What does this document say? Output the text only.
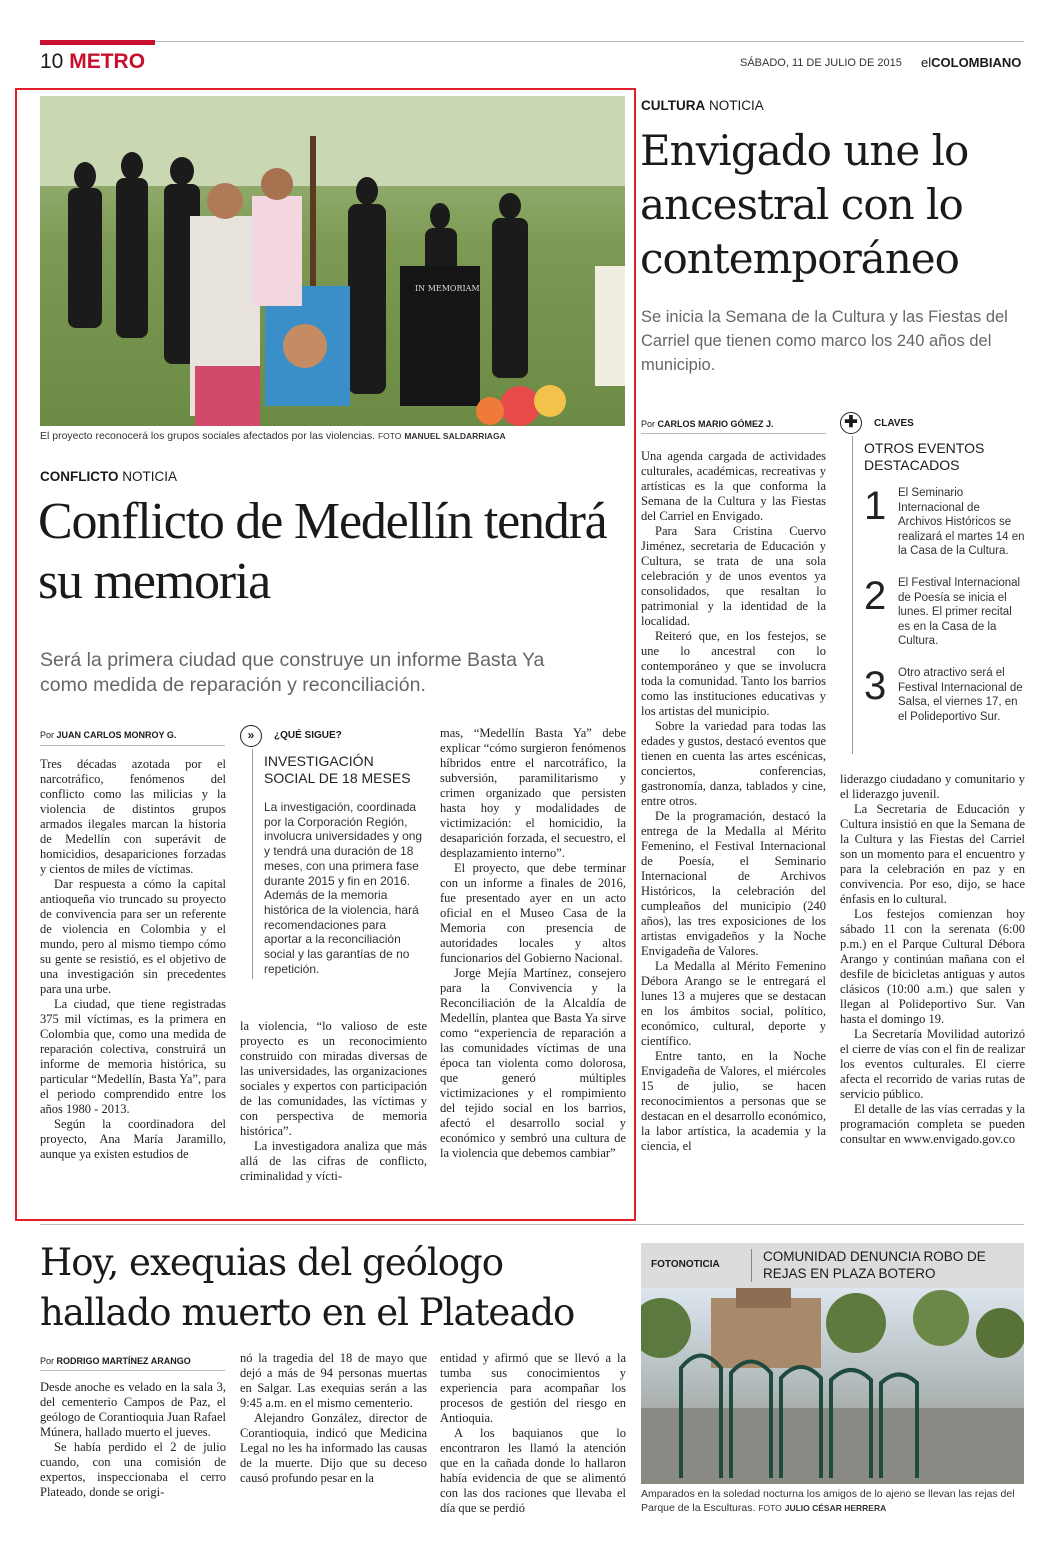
10 METRO	SÁBADO, 11 DE JULIO DE 2015 elCOLOMBIANO
IN MEMORIAM
El proyecto reconocerá los grupos sociales afectados por las violencias. FOTO MANUEL SALDARRIAGA
CONFLICTO NOTICIA
Conflicto de Medellín tendrá su memoria
Será la primera ciudad que construye un informe Basta Ya como medida de reparación y reconciliación.
Por JUAN CARLOS MONROY G.

Tres décadas azotada por el narcotráfico, fenómenos del conflicto como las milicias y la violencia de distintos grupos armados ilegales marcan la historia de Medellín con superávit de homicidios, desapariciones forzadas y cientos de miles de víctimas.

Dar respuesta a cómo la capital antioqueña vio truncado su proyecto de convivencia para ser un referente de violencia en Colombia y el mundo, pero al mismo tiempo cómo su gente se resistió, es el objetivo de una investigación sin precedentes para una urbe.

La ciudad, que tiene registradas 375 mil víctimas, es la primera en Colombia que, como una medida de reparación colectiva, construirá un informe de memoria histórica, su particular “Medellín, Basta Ya”, para el periodo comprendido entre los años 1980 - 2013.

Según la coordinadora del proyecto, Ana María Jaramillo, aunque ya existen estudios de

»	¿QUÉ SIGUE?
INVESTIGACIÓN SOCIAL DE 18 MESES
La investigación, coordinada por la Corporación Región, involucra universidades y ong y tendrá una duración de 18 meses, con una primera fase durante 2015 y fin en 2016. Además de la memoria histórica de la violencia, hará recomendaciones para aportar a la reconciliación social y las garantías de no repetición.

la violencia, “lo valioso de este proyecto es un reconocimiento construido con miradas diversas de las universidades, las organizaciones sociales y expertos con participación de las comunidades, las víctimas y con perspectiva de memoria histórica”.

La investigadora analiza que más allá de las cifras de conflicto, criminalidad y vícti-

mas, “Medellín Basta Ya” debe explicar “cómo surgieron fenómenos híbridos entre el narcotráfico, la subversión, paramilitarismo y crimen organizado que persisten hasta hoy y modalidades de victimización: el homicidio, la desaparición forzada, el secuestro, el desplazamiento interno”.

El proyecto, que debe terminar con un informe a finales de 2016, fue presentado ayer en un acto oficial en el Museo Casa de la Memoria con presencia de autoridades locales y altos funcionarios del Gobierno Nacional.

Jorge Mejía Martínez, consejero para la Convivencia y la Reconciliación de la Alcaldía de Medellín, plantea que Basta Ya sirve como “experiencia de reparación a las comunidades víctimas de una época tan violenta como dolorosa, que generó múltiples victimizaciones y el rompimiento del tejido social en los barrios, afectó el desarrollo social y económico y sembró una cultura de la violencia que debemos cambiar”

CULTURA NOTICIA
Envigado une lo ancestral con lo contemporáneo
Se inicia la Semana de la Cultura y las Fiestas del Carriel que tienen como marco los 240 años del municipio.
Por CARLOS MARIO GÓMEZ J.

Una agenda cargada de actividades culturales, académicas, recreativas y artísticas es la que conforma la Semana de la Cultura y las Fiestas del Carriel en Envigado.

Para Sara Cristina Cuervo Jiménez, secretaria de Educación y Cultura, se trata de una sola celebración y de unos eventos ya consolidados, que resaltan lo patrimonial y la identidad de la localidad.

Reiteró que, en los festejos, se une lo ancestral con lo contemporáneo y que se involucra toda la comunidad. Tanto los barrios como las instituciones educativas y los artistas del municipio.

Sobre la variedad para todas las edades y gustos, destacó eventos que tienen en cuenta las artes escénicas, conciertos, conferencias, gastronomía, danza, tablados y cine, entre otros.

De la programación, destacó la entrega de la Medalla al Mérito Femenino, el Festival Internacional de Poesía, el Seminario Internacional de Archivos Históricos, la celebración del cumpleaños del municipio (240 años), las tres exposiciones de los artistas envigadeños y la Noche Envigadeña de Valores.

La Medalla al Mérito Femenino Débora Arango se le entregará el lunes 13 a mujeres que se destacan en los ámbitos social, político, económico, cultural, deporte y científico.

Entre tanto, en la Noche Envigadeña de Valores, el miércoles 15 de julio, se hacen reconocimientos a personas que se destacan en el desarrollo económico, la labor artística, la academia y la ciencia, el

✚	CLAVES
OTROS EVENTOS DESTACADOS
1 El Seminario Internacional de Archivos Históricos se realizará el martes 14 en la Casa de la Cultura.
2 El Festival Internacional de Poesía se inicia el lunes. El primer recital es en la Casa de la Cultura.
3 Otro atractivo será el Festival Internacional de Salsa, el viernes 17, en el Polideportivo Sur.

liderazgo ciudadano y comunitario y el liderazgo juvenil.

La Secretaria de Educación y Cultura insistió en que la Semana de la Cultura y las Fiestas del Carriel son un momento para el encuentro y para la celebración en paz y en convivencia. Por eso, dijo, se hace énfasis en lo cultural.

Los festejos comienzan hoy sábado 11 con la serenata (6:00 p.m.) en el Parque Cultural Débora Arango y continúan mañana con el desfile de bicicletas antiguas y autos clásicos (10:00 a.m.) que salen y llegan al Polideportivo Sur. Van hasta el domingo 19.

La Secretaría Movilidad autorizó el cierre de vías con el fin de realizar los eventos culturales. El cierre afecta el recorrido de varias rutas de servicio público.

El detalle de las vías cerradas y la programación completa se pueden consultar en www.envigado.gov.co

Hoy, exequias del geólogo hallado muerto en el Plateado
Por RODRIGO MARTÍNEZ ARANGO

Desde anoche es velado en la sala 3, del cementerio Campos de Paz, el geólogo de Corantioquia Juan Rafael Múnera, hallado muerto el jueves.

Se había perdido el 2 de julio cuando, con una comisión de expertos, inspeccionaba el cerro Plateado, donde se origi-

nó la tragedia del 18 de mayo que dejó a más de 94 personas muertas en Salgar. Las exequias serán a las 9:45 a.m. en el mismo cementerio.

Alejandro González, director de Corantioquia, indicó que Medicina Legal no les ha informado las causas de la muerte. Dijo que su deceso causó profundo pesar en la

entidad y afirmó que se llevó a la tumba sus conocimientos y experiencia para acompañar los procesos de gestión del riesgo en Antioquia.

A los baquianos que lo encontraron les llamó la atención que en la cañada donde lo hallaron había evidencia de que se alimentó con las dos raciones que llevaba el día que se perdió

FOTONOTICIA
COMUNIDAD DENUNCIA ROBO DE REJAS EN PLAZA BOTERO
Amparados en la soledad nocturna los amigos de lo ajeno se llevan las rejas del Parque de la Esculturas. FOTO JULIO CÉSAR HERRERA
